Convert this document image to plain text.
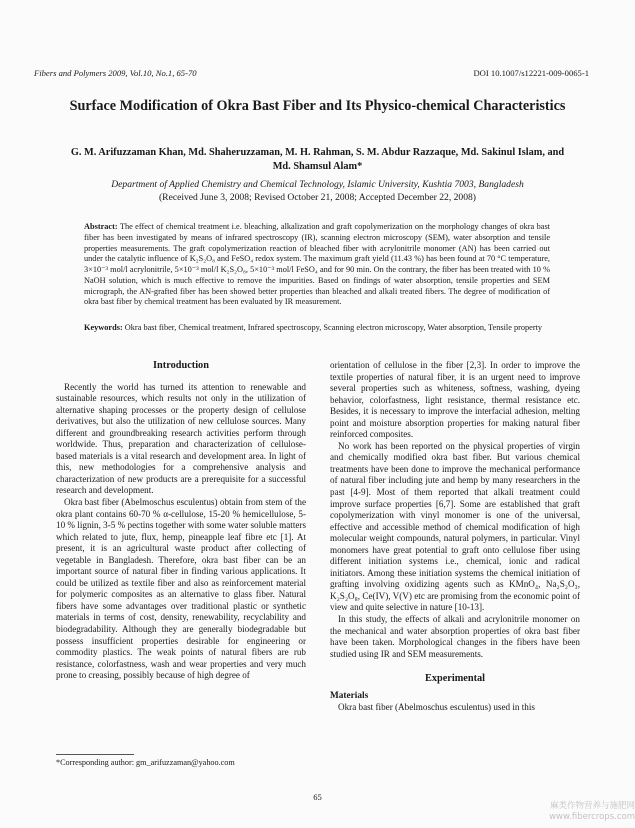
Fibers and Polymers 2009, Vol.10, No.1, 65-70	DOI 10.1007/s12221-009-0065-1
Surface Modification of Okra Bast Fiber and Its Physico-chemical Characteristics
G. M. Arifuzzaman Khan, Md. Shaheruzzaman, M. H. Rahman, S. M. Abdur Razzaque, Md. Sakinul Islam, and Md. Shamsul Alam*
Department of Applied Chemistry and Chemical Technology, Islamic University, Kushtia 7003, Bangladesh
(Received June 3, 2008; Revised October 21, 2008; Accepted December 22, 2008)
Abstract: The effect of chemical treatment i.e. bleaching, alkalization and graft copolymerization on the morphology changes of okra bast fiber has been investigated by means of infrared spectroscopy (IR), scanning electron microscopy (SEM), water absorption and tensile properties measurements. The graft copolymerization reaction of bleached fiber with acrylonitrile monomer (AN) has been carried out under the catalytic influence of K₂S₂O₈ and FeSO₄ redox system. The maximum graft yield (11.43 %) has been found at 70 °C temperature, 3×10⁻³ mol/l acrylonitrile, 5×10⁻³ mol/l K₂S₂O₈, 5×10⁻³ mol/l FeSO₄ and for 90 min. On the contrary, the fiber has been treated with 10 % NaOH solution, which is much effective to remove the impurities. Based on findings of water absorption, tensile properties and SEM micrograph, the AN-grafted fiber has been showed better properties than bleached and alkali treated fibers. The degree of modification of okra bast fiber by chemical treatment has been evaluated by IR measurement.
Keywords: Okra bast fiber, Chemical treatment, Infrared spectroscopy, Scanning electron microscopy, Water absorption, Tensile property
Introduction

Recently the world has turned its attention to renewable and sustainable resources, which results not only in the utilization of alternative shaping processes or the property design of cellulose derivatives, but also the utilization of new cellulose sources. Many different and groundbreaking research activities perform through worldwide. Thus, preparation and characterization of cellulose-based materials is a vital research and development area. In light of this, new methodologies for a comprehensive analysis and characterization of new products are a prerequisite for a successful research and development.

Okra bast fiber (Abelmoschus esculentus) obtain from stem of the okra plant contains 60-70 % α-cellulose, 15-20 % hemicellulose, 5-10 % lignin, 3-5 % pectins together with some water soluble matters which related to jute, flux, hemp, pineapple leaf fibre etc [1]. At present, it is an agricultural waste product after collecting of vegetable in Bangladesh. Therefore, okra bast fiber can be an important source of natural fiber in finding various applications. It could be utilized as textile fiber and also as reinforcement material for polymeric composites as an alternative to glass fiber. Natural fibers have some advantages over traditional plastic or synthetic materials in terms of cost, density, renewability, recyclability and biodegradability. Although they are generally biodegradable but possess insufficient properties desirable for engineering or commodity plastics. The weak points of natural fibers are rub resistance, colorfastness, wash and wear properties and very much prone to creasing, possibly because of high degree of

orientation of cellulose in the fiber [2,3]. In order to improve the textile properties of natural fiber, it is an urgent need to improve several properties such as whiteness, softness, washing, dyeing behavior, colorfastness, light resistance, thermal resistance etc. Besides, it is necessary to improve the interfacial adhesion, melting point and moisture absorption properties for making natural fiber reinforced composites.

No work has been reported on the physical properties of virgin and chemically modified okra bast fiber. But various chemical treatments have been done to improve the mechanical performance of natural fiber including jute and hemp by many researchers in the past [4-9]. Most of them reported that alkali treatment could improve surface properties [6,7]. Some are established that graft copolymerization with vinyl monomer is one of the universal, effective and accessible method of chemical modification of high molecular weight compounds, natural polymers, in particular. Vinyl monomers have great potential to graft onto cellulose fiber using different initiation systems i.e., chemical, ionic and radical initiators. Among these initiation systems the chemical initiation of grafting involving oxidizing agents such as KMnO₄, Na₂S₂O₃, K₂S₂O₈, Ce(IV), V(V) etc are promising from the economic point of view and quite selective in nature [10-13].

In this study, the effects of alkali and acrylonitrile monomer on the mechanical and water absorption properties of okra bast fiber have been taken. Morphological changes in the fibers have been studied using IR and SEM measurements.

Experimental
Materials

Okra bast fiber (Abelmoschus esculentus) used in this

*Corresponding author: gm_arifuzzaman@yahoo.com
65
麻类作物营养与施肥网 www.fibercrops.com
